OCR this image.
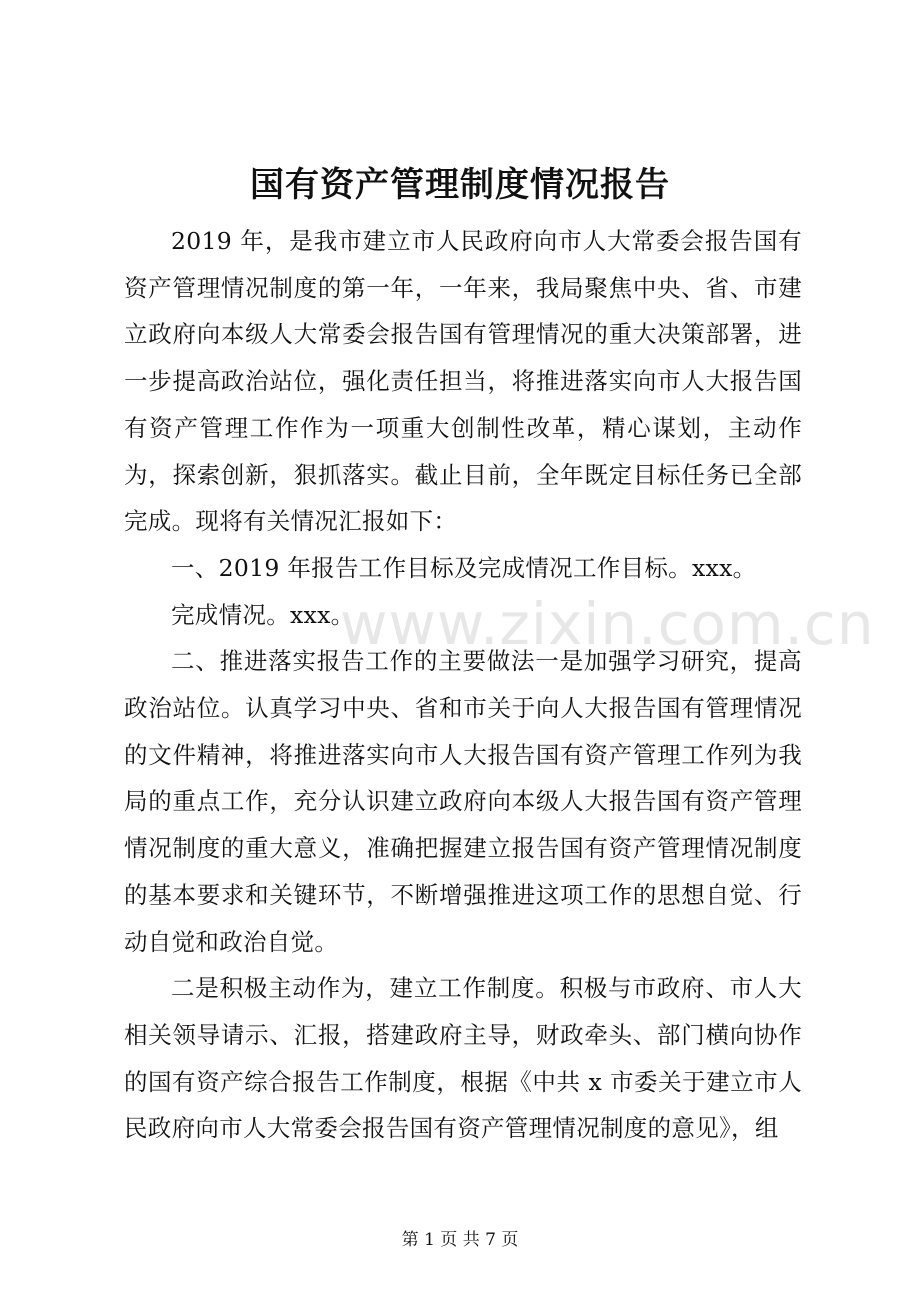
国有资产管理制度情况报告

2019 年，是我市建立市人民政府向市人大常委会报告国有资产管理情况制度的第一年，一年来，我局聚焦中央、省、市建立政府向本级人大常委会报告国有管理情况的重大决策部署，进一步提高政治站位，强化责任担当，将推进落实向市人大报告国有资产管理工作作为一项重大创制性改革，精心谋划，主动作为，探索创新，狠抓落实。截止目前，全年既定目标任务已全部完成。现将有关情况汇报如下：

一、2019 年报告工作目标及完成情况工作目标。xxx。

完成情况。xxx。

二、推进落实报告工作的主要做法一是加强学习研究，提高政治站位。认真学习中央、省和市关于向人大报告国有管理情况的文件精神，将推进落实向市人大报告国有资产管理工作列为我局的重点工作，充分认识建立政府向本级人大报告国有资产管理情况制度的重大意义，准确把握建立报告国有资产管理情况制度的基本要求和关键环节，不断增强推进这项工作的思想自觉、行动自觉和政治自觉。

二是积极主动作为，建立工作制度。积极与市政府、市人大相关领导请示、汇报，搭建政府主导，财政牵头、部门横向协作的国有资产综合报告工作制度，根据《中共 x 市委关于建立市人民政府向市人大常委会报告国有资产管理情况制度的意见》，组

www.zixin.com.cn
第 1 页 共 7 页
